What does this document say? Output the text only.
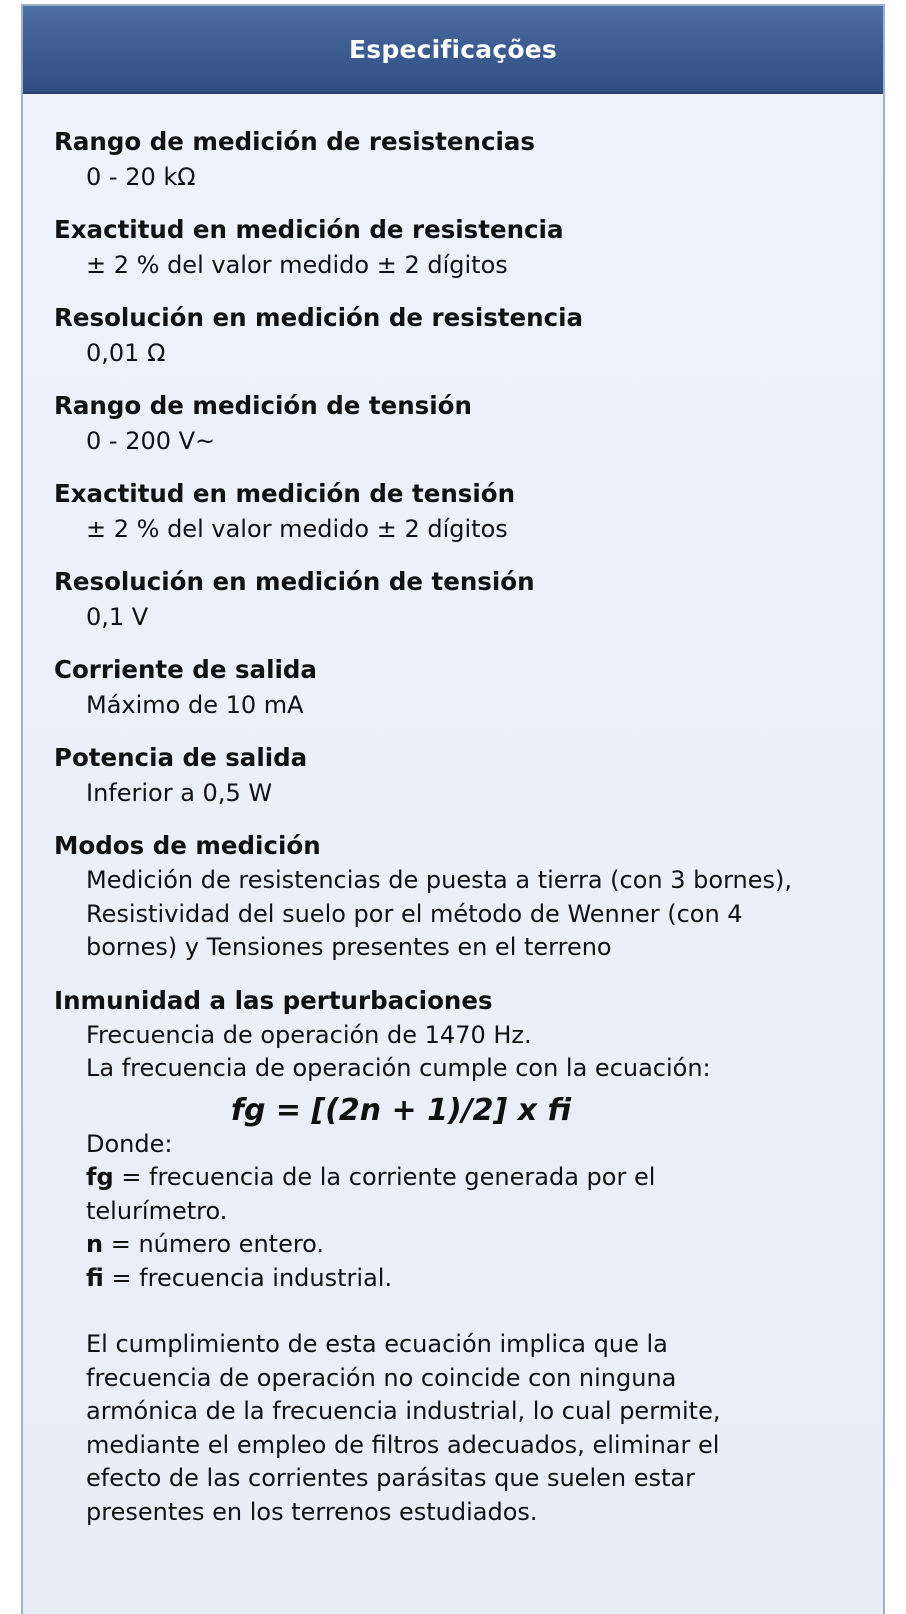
Especificações
Rango de medición de resistencias
0 - 20 kΩ
Exactitud en medición de resistencia
± 2 % del valor medido ± 2 dígitos
Resolución en medición de resistencia
0,01 Ω
Rango de medición de tensión
0 - 200 V~
Exactitud en medición de tensión
± 2 % del valor medido ± 2 dígitos
Resolución en medición de tensión
0,1 V
Corriente de salida
Máximo de 10 mA
Potencia de salida
Inferior a 0,5 W
Modos de medición
Medición de resistencias de puesta a tierra (con 3 bornes), Resistividad del suelo por el método de Wenner (con 4 bornes) y Tensiones presentes en el terreno
Inmunidad a las perturbaciones
Frecuencia de operación de 1470 Hz.
La frecuencia de operación cumple con la ecuación:
fg = [(2n + 1)/2] x fi
Donde:
fg = frecuencia de la corriente generada por el telurímetro.
n = número entero.
fi = frecuencia industrial.
El cumplimiento de esta ecuación implica que la frecuencia de operación no coincide con ninguna armónica de la frecuencia industrial, lo cual permite, mediante el empleo de filtros adecuados, eliminar el efecto de las corrientes parásitas que suelen estar presentes en los terrenos estudiados.
